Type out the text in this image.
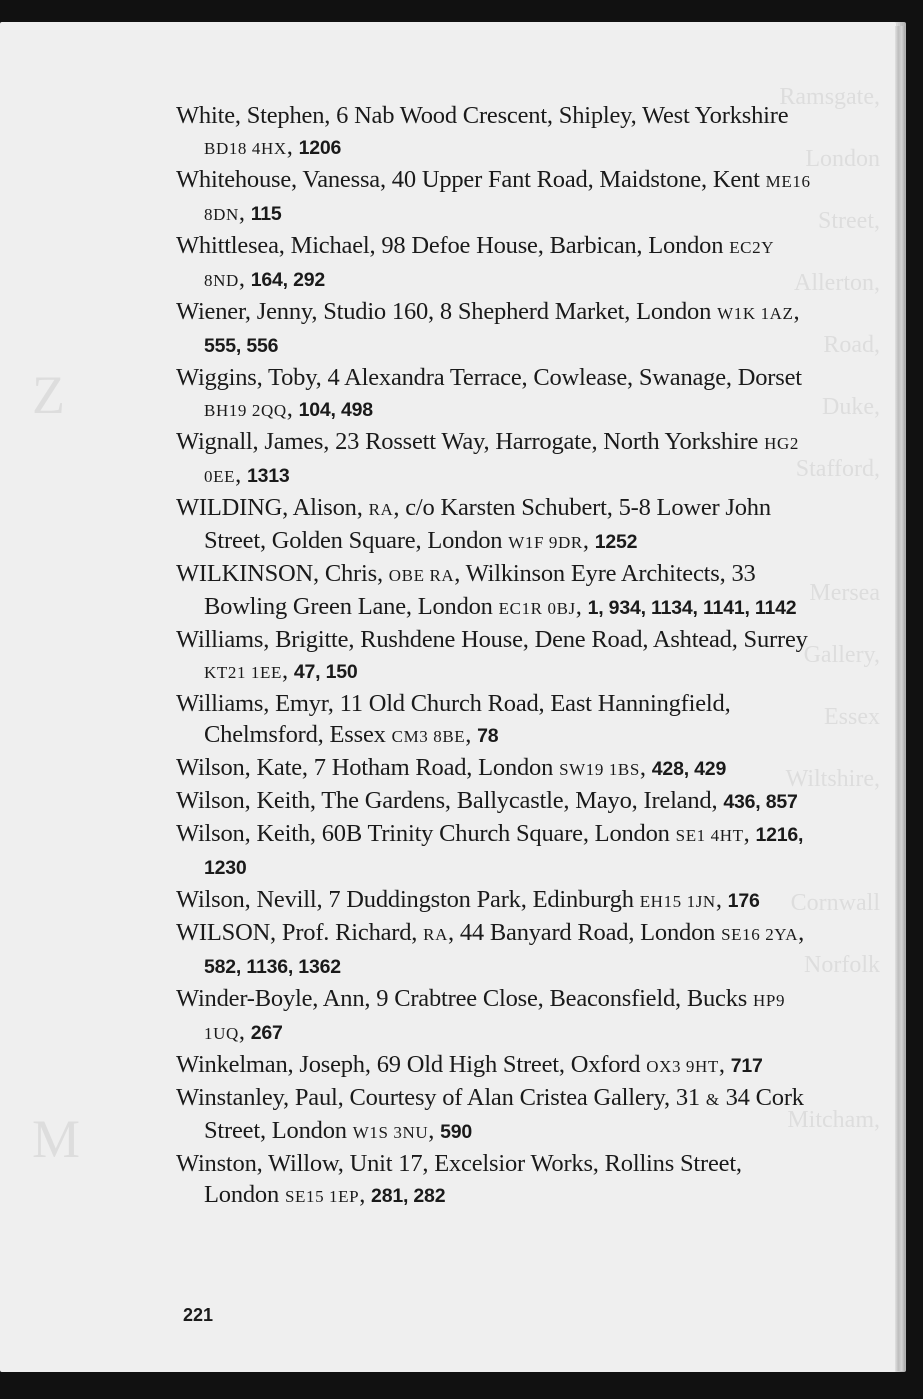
Ramsgate,

London

Street,

Allerton,

Road,

Duke,

Stafford,

Mersea

Gallery,

Essex

Wiltshire,

Cornwall

Norfolk

Mitcham,
Z
M

White, Stephen, 6 Nab Wood Crescent, Shipley, West Yorkshire BD18 4HX, 1206

Whitehouse, Vanessa, 40 Upper Fant Road, Maidstone, Kent ME16 8DN, 115

Whittlesea, Michael, 98 Defoe House, Barbican, London EC2Y 8ND, 164, 292

Wiener, Jenny, Studio 160, 8 Shepherd Market, London W1K 1AZ, 555, 556

Wiggins, Toby, 4 Alexandra Terrace, Cowlease, Swanage, Dorset BH19 2QQ, 104, 498

Wignall, James, 23 Rossett Way, Harrogate, North Yorkshire HG2 0EE, 1313

WILDING, Alison, RA, c/o Karsten Schubert, 5-8 Lower John Street, Golden Square, London W1F 9DR, 1252

WILKINSON, Chris, OBE RA, Wilkinson Eyre Architects, 33 Bowling Green Lane, London EC1R 0BJ, 1, 934, 1134, 1141, 1142

Williams, Brigitte, Rushdene House, Dene Road, Ashtead, Surrey KT21 1EE, 47, 150

Williams, Emyr, 11 Old Church Road, East Hanningfield, Chelmsford, Essex CM3 8BE, 78

Wilson, Kate, 7 Hotham Road, London SW19 1BS, 428, 429

Wilson, Keith, The Gardens, Ballycastle, Mayo, Ireland, 436, 857

Wilson, Keith, 60B Trinity Church Square, London SE1 4HT, 1216, 1230

Wilson, Nevill, 7 Duddingston Park, Edinburgh EH15 1JN, 176

WILSON, Prof. Richard, RA, 44 Banyard Road, London SE16 2YA, 582, 1136, 1362

Winder-Boyle, Ann, 9 Crabtree Close, Beaconsfield, Bucks HP9 1UQ, 267

Winkelman, Joseph, 69 Old High Street, Oxford OX3 9HT, 717

Winstanley, Paul, Courtesy of Alan Cristea Gallery, 31 & 34 Cork Street, London W1S 3NU, 590

Winston, Willow, Unit 17, Excelsior Works, Rollins Street, London SE15 1EP, 281, 282

221
